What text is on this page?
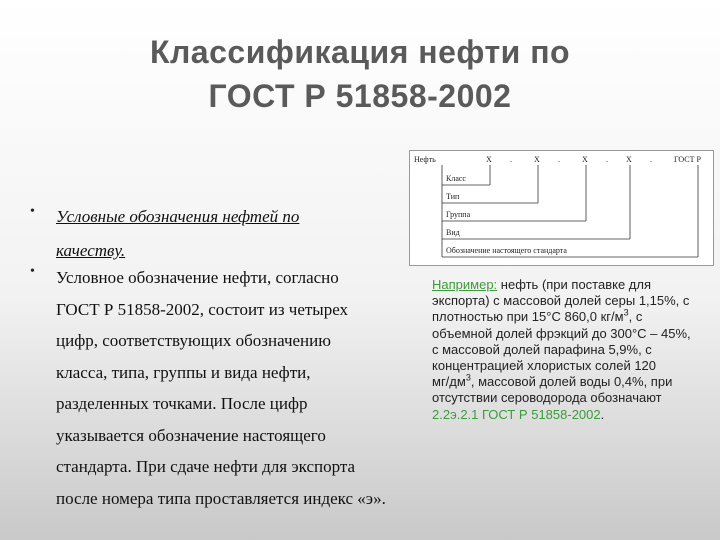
Классификация нефти по
ГОСТ Р 51858-2002
• Условные обозначения нефтей по качеству.
• Условное обозначение нефти, согласно
ГОСТ Р 51858-2002, состоит из четырех
цифр, соответствующих обозначению
класса, типа, группы и вида нефти,
разделенных точками. После цифр
указывается обозначение настоящего
стандарта. При сдаче нефти для экспорта
после номера типа проставляется индекс «э».
Нефть	Х .	Х .	Х . Х .	ГОСТ Р
Класс
Тип
Группа
Вид
Обозначение настоящего стандарта
Например: нефть (при поставке для
экспорта) с массовой долей серы 1,15%, с
плотностью при 15°С 860,0 $кг/м^3$, с
объемной долей фрэкций до 300°С – 45%,
с массовой долей парафина 5,9%, с
концентрацией хлористых солей 120
$мг/дм^3$, массовой долей воды 0,4%, при
отсутствии сероводорода обозначают
2.2э.2.1 ГОСТ Р 51858-2002.
